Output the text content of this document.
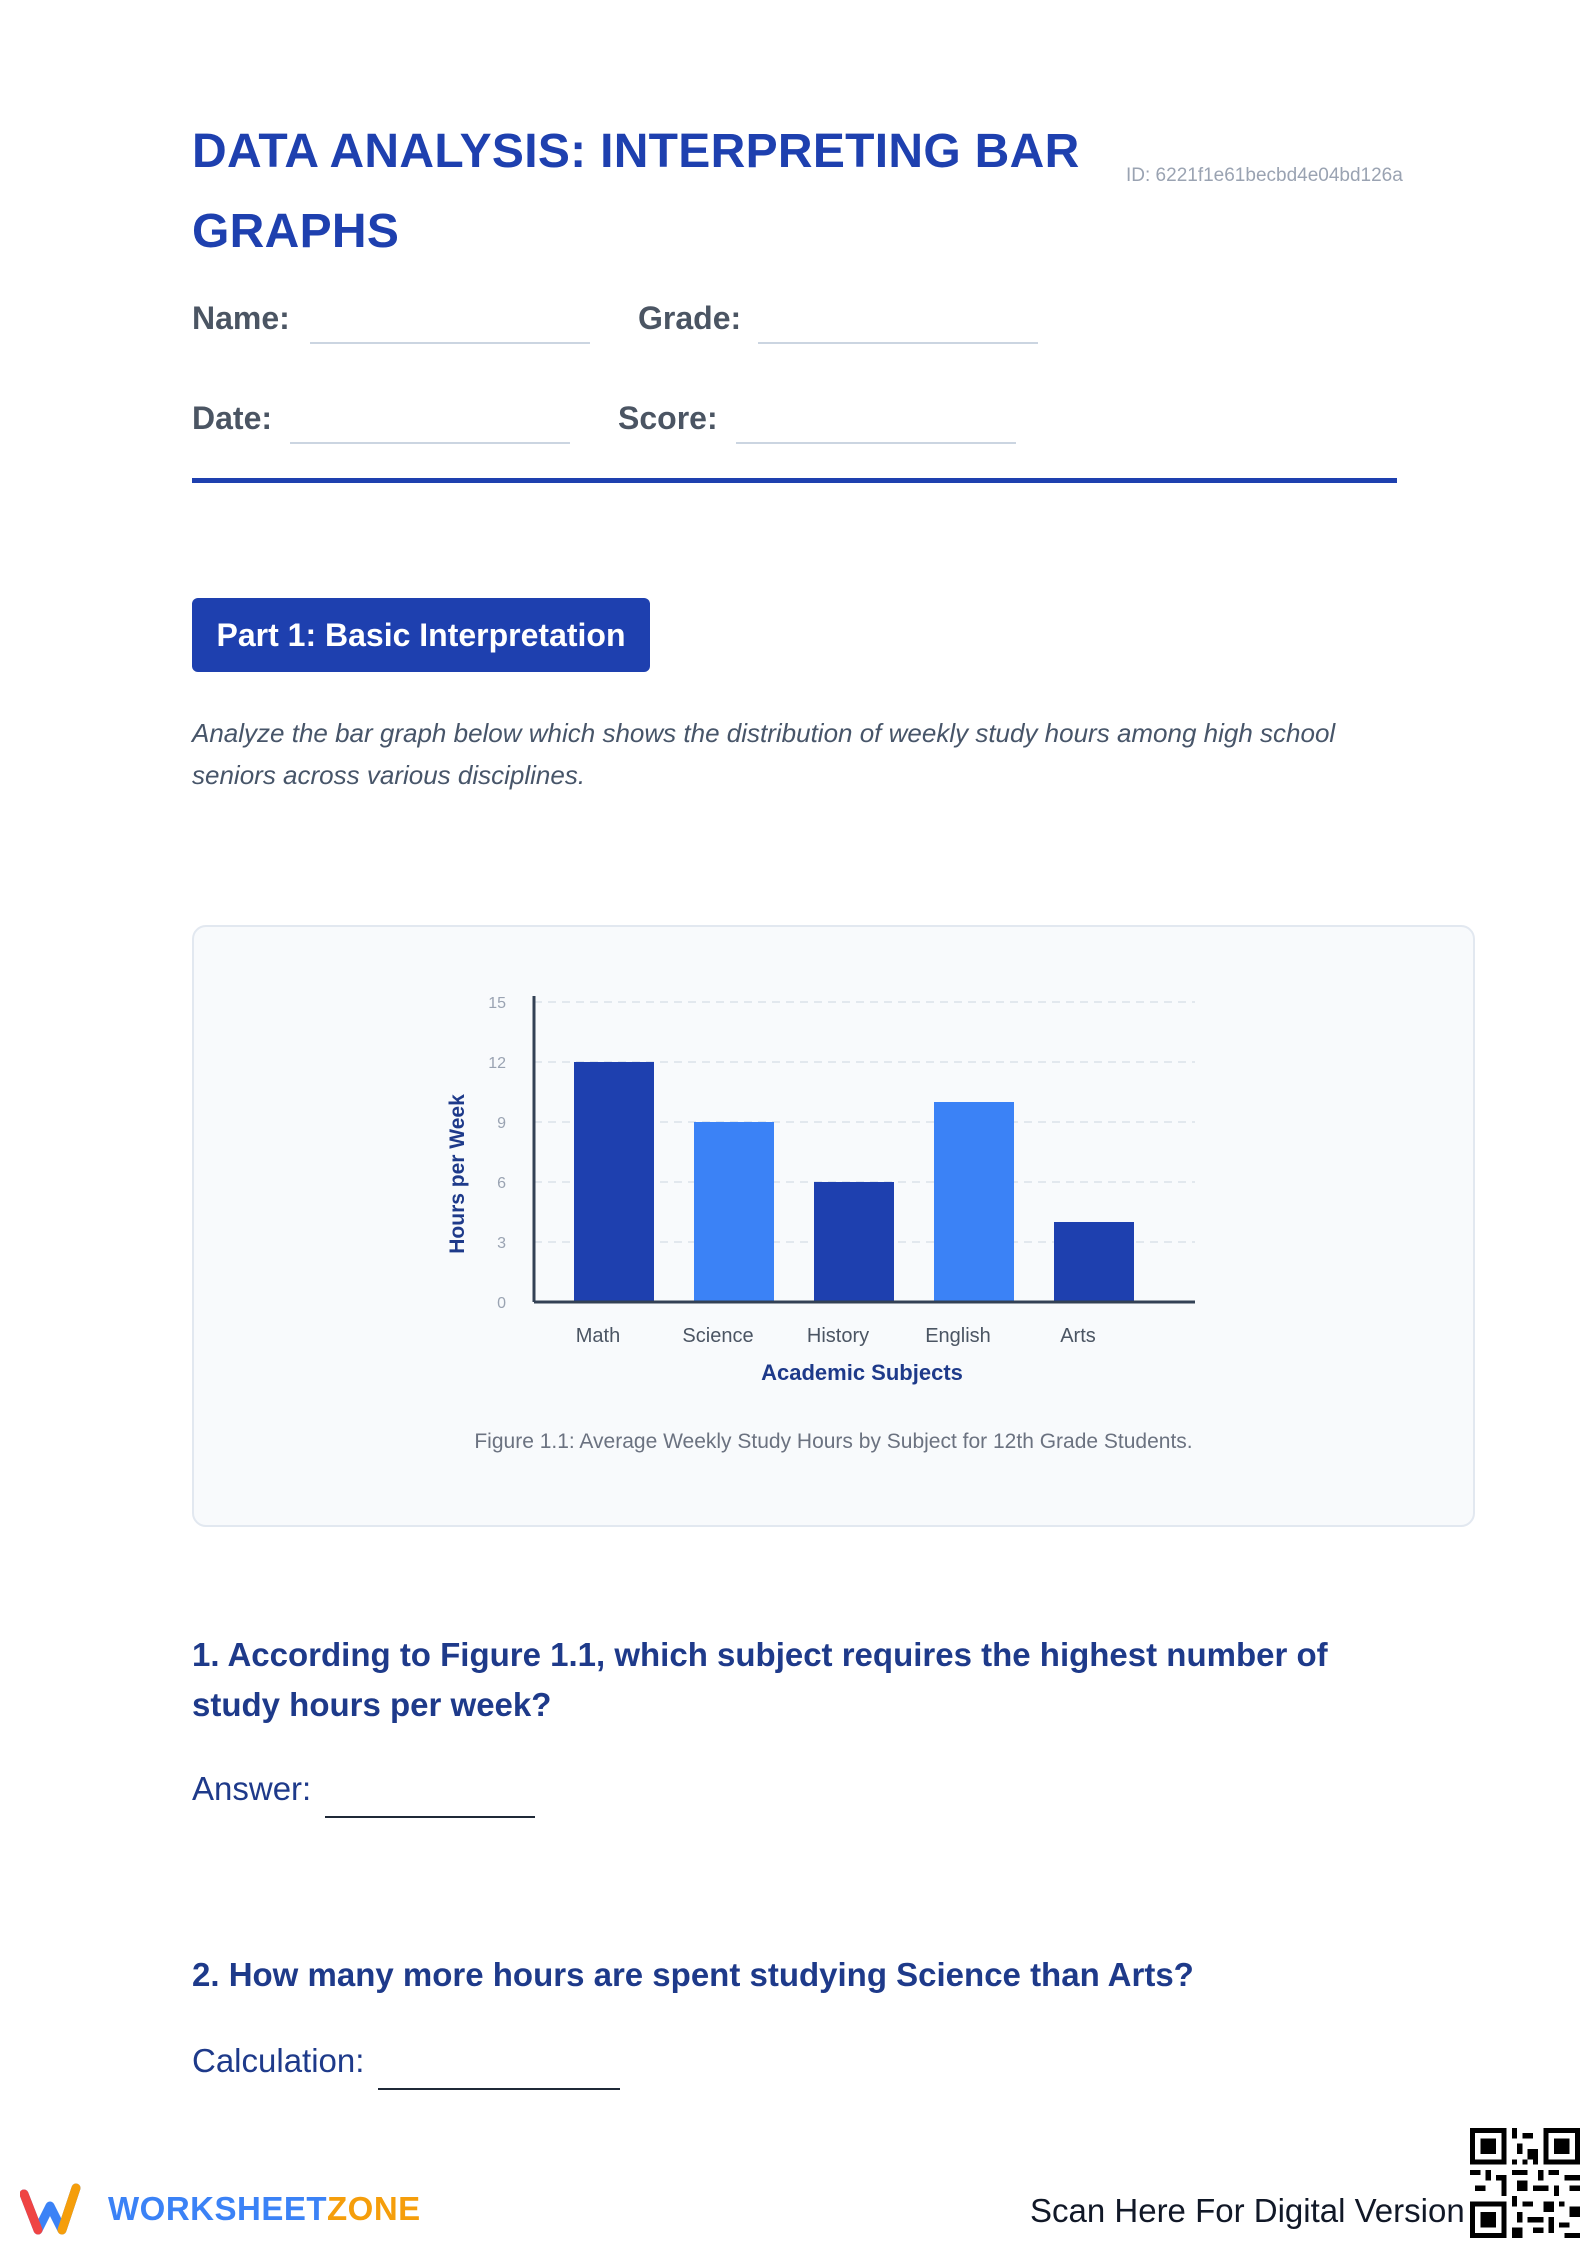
DATA ANALYSIS: INTERPRETING BAR GRAPHS
ID: 6221f1e61becbd4e04bd126a
Name:	Grade:
Date:	Score:
Part 1: Basic Interpretation

Analyze the bar graph below which shows the distribution of weekly study hours among high school seniors across various disciplines.

0
3
6
9
12
15
Math	Science	History	English	Arts
Academic Subjects
Hours per Week
Figure 1.1: Average Weekly Study Hours by Subject for 12th Grade Students.

1. According to Figure 1.1, which subject requires the highest number of study hours per week?

Answer:

2. How many more hours are spent studying Science than Arts?

Calculation:
WORKSHEETZONE	Scan Here For Digital Version
